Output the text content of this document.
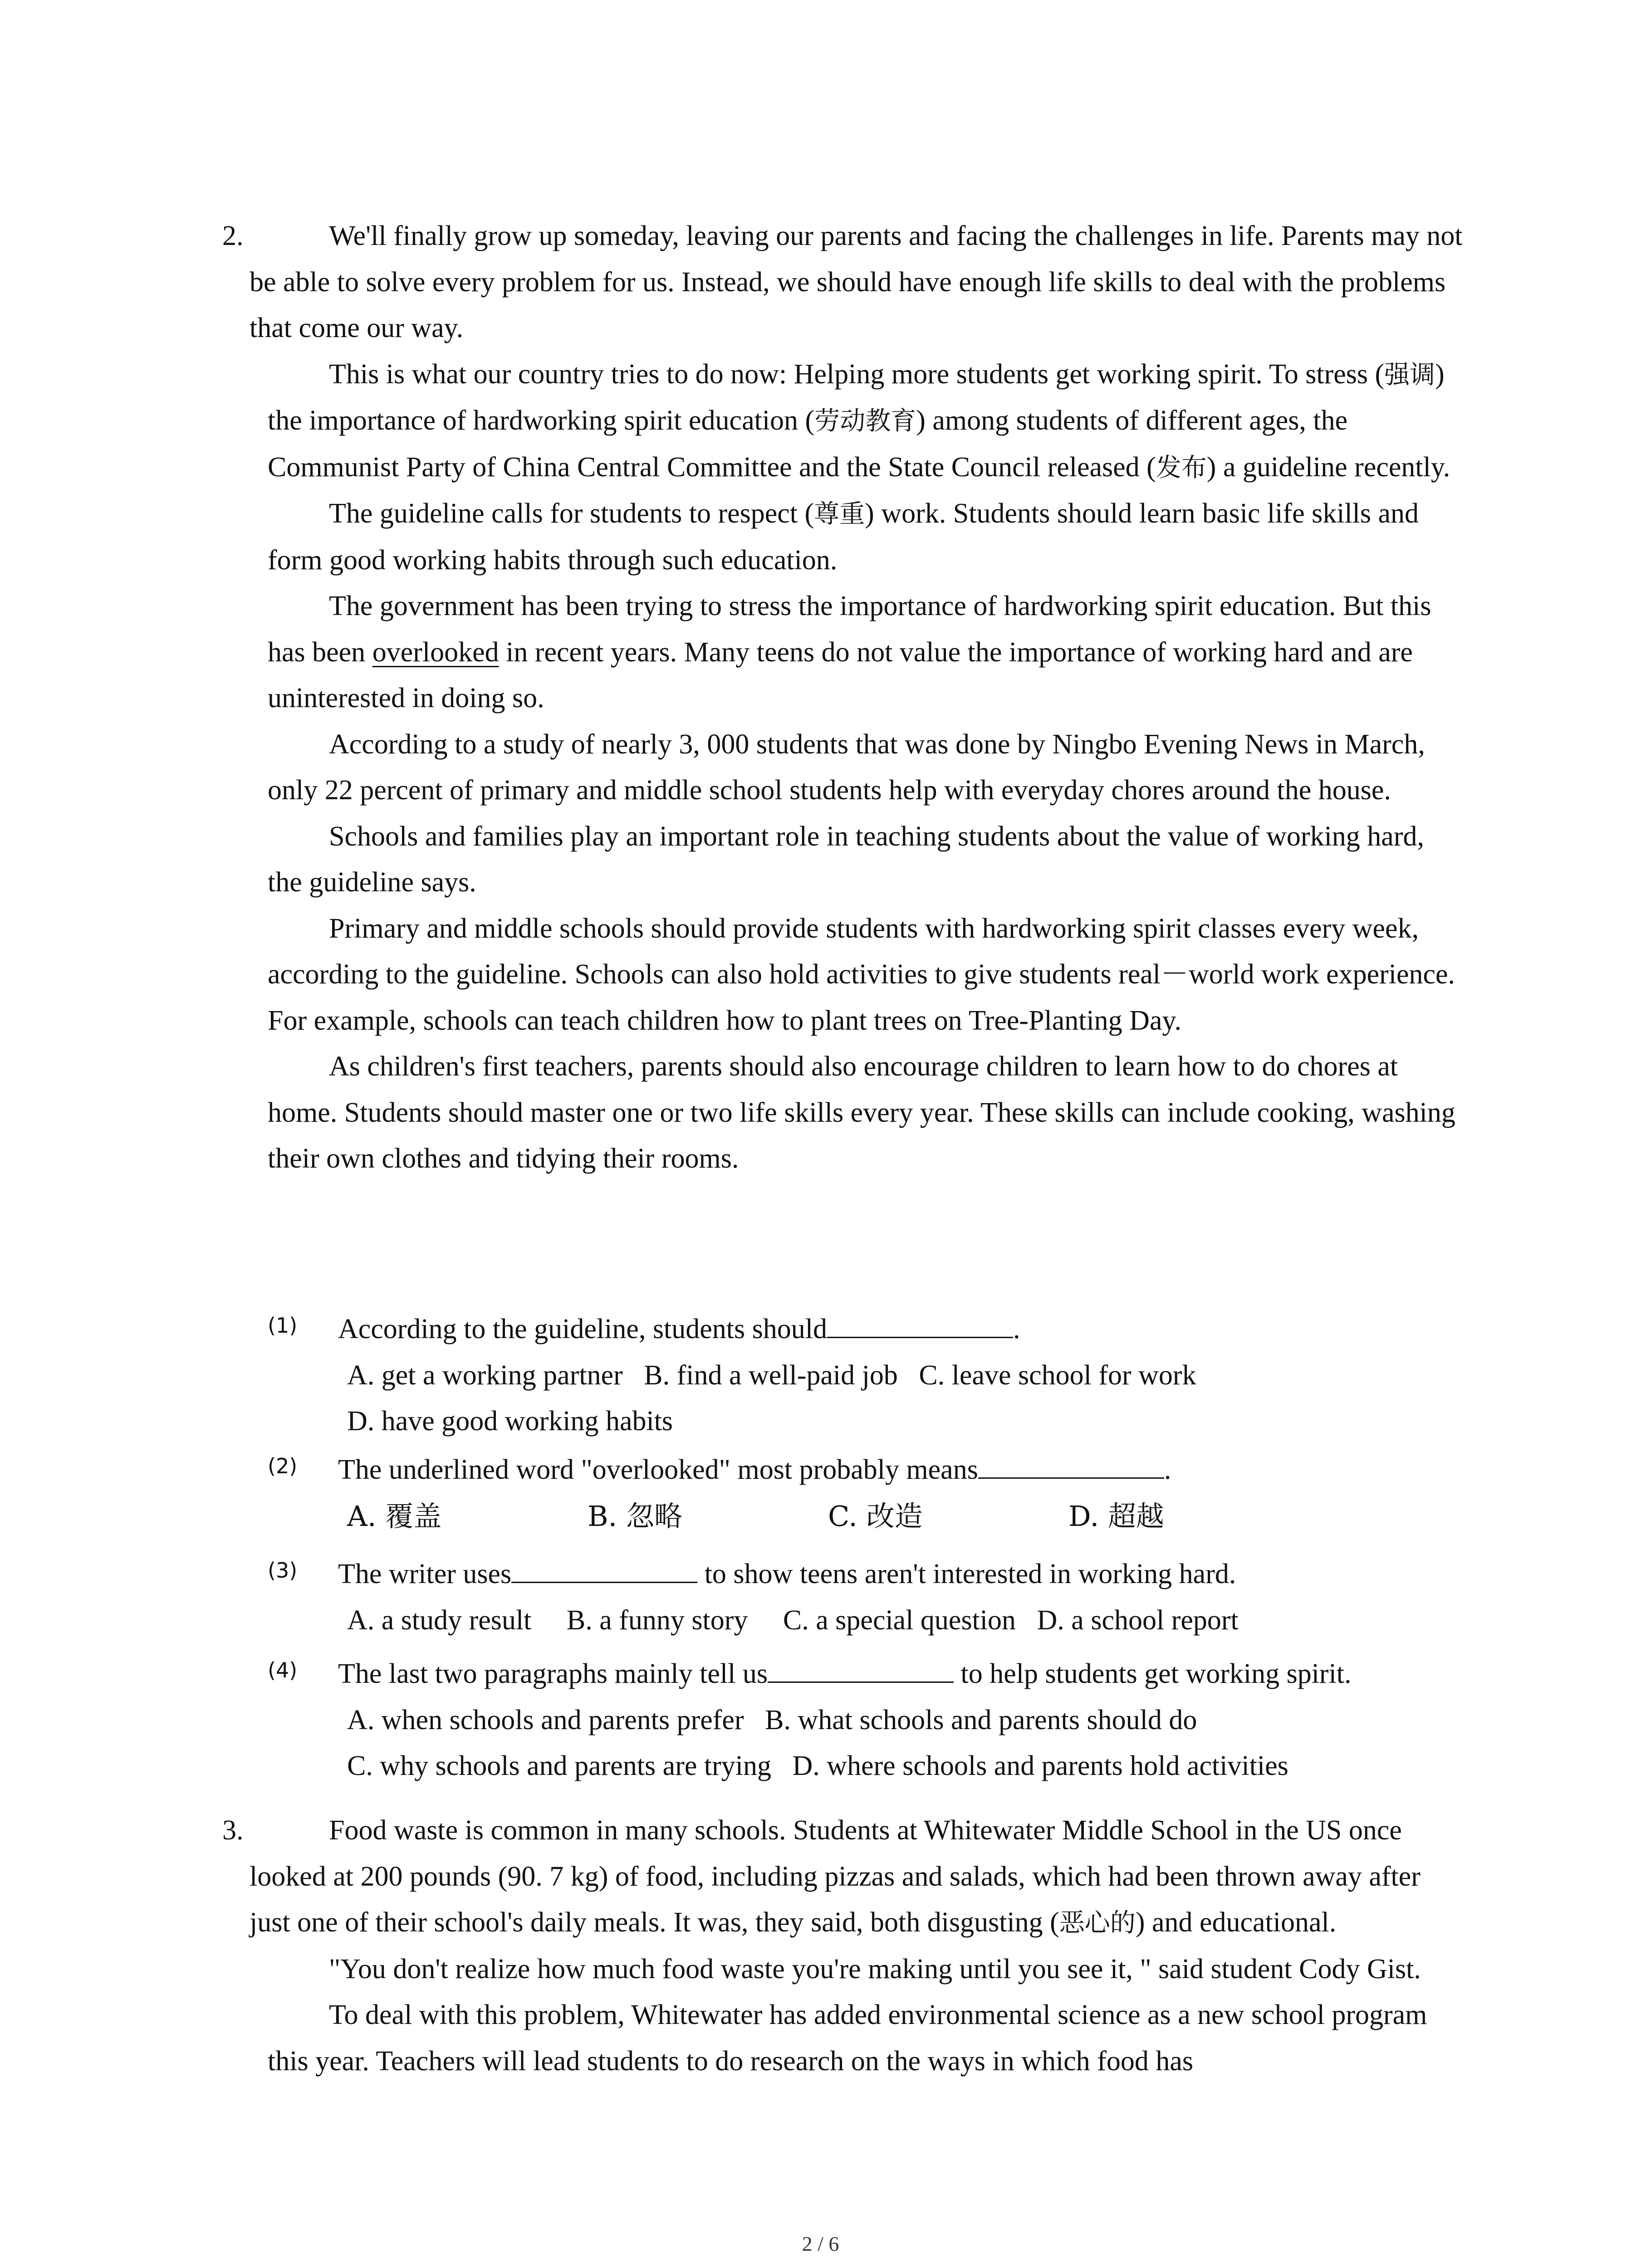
2.	We'll finally grow up someday, leaving our parents and facing the challenges in life. Parents may not be able to solve every problem for us. Instead, we should have enough life skills to deal with the problems that come our way.

This is what our country tries to do now: Helping more students get working spirit. To stress (强调) the importance of hardworking spirit education (劳动教育) among students of different ages, the Communist Party of China Central Committee and the State Council released (发布) a guideline recently.

The guideline calls for students to respect (尊重) work. Students should learn basic life skills and form good working habits through such education.

The government has been trying to stress the importance of hardworking spirit education. But this has been overlooked in recent years. Many teens do not value the importance of working hard and are uninterested in doing so.

According to a study of nearly 3, 000 students that was done by Ningbo Evening News in March, only 22 percent of primary and middle school students help with everyday chores around the house.

Schools and families play an important role in teaching students about the value of working hard, the guideline says.

Primary and middle schools should provide students with hardworking spirit classes every week, according to the guideline. Schools can also hold activities to give students real－world work experience. For example, schools can teach children how to plant trees on Tree-Planting Day.

As children's first teachers, parents should also encourage children to learn how to do chores at home. Students should master one or two life skills every year. These skills can include cooking, washing their own clothes and tidying their rooms.

(1) According to the guideline, students should	.
A. get a working partner B. find a well-paid job C. leave school for work
D. have good working habits
(2) The underlined word "overlooked" most probably means	.
A. 覆盖	B. 忽略	C. 改造	D. 超越
(3) The writer uses	to show teens aren't interested in working hard.
A. a study result B. a funny story C. a special question D. a school report
(4) The last two paragraphs mainly tell us	to help students get working spirit.
A. when schools and parents prefer B. what schools and parents should do
C. why schools and parents are trying D. where schools and parents hold activities
3.	Food waste is common in many schools. Students at Whitewater Middle School in the US once looked at 200 pounds (90. 7 kg) of food, including pizzas and salads, which had been thrown away after just one of their school's daily meals. It was, they said, both disgusting (恶心的) and educational.

"You don't realize how much food waste you're making until you see it, " said student Cody Gist.

To deal with this problem, Whitewater has added environmental science as a new school program this year. Teachers will lead students to do research on the ways in which food has

2 / 6
